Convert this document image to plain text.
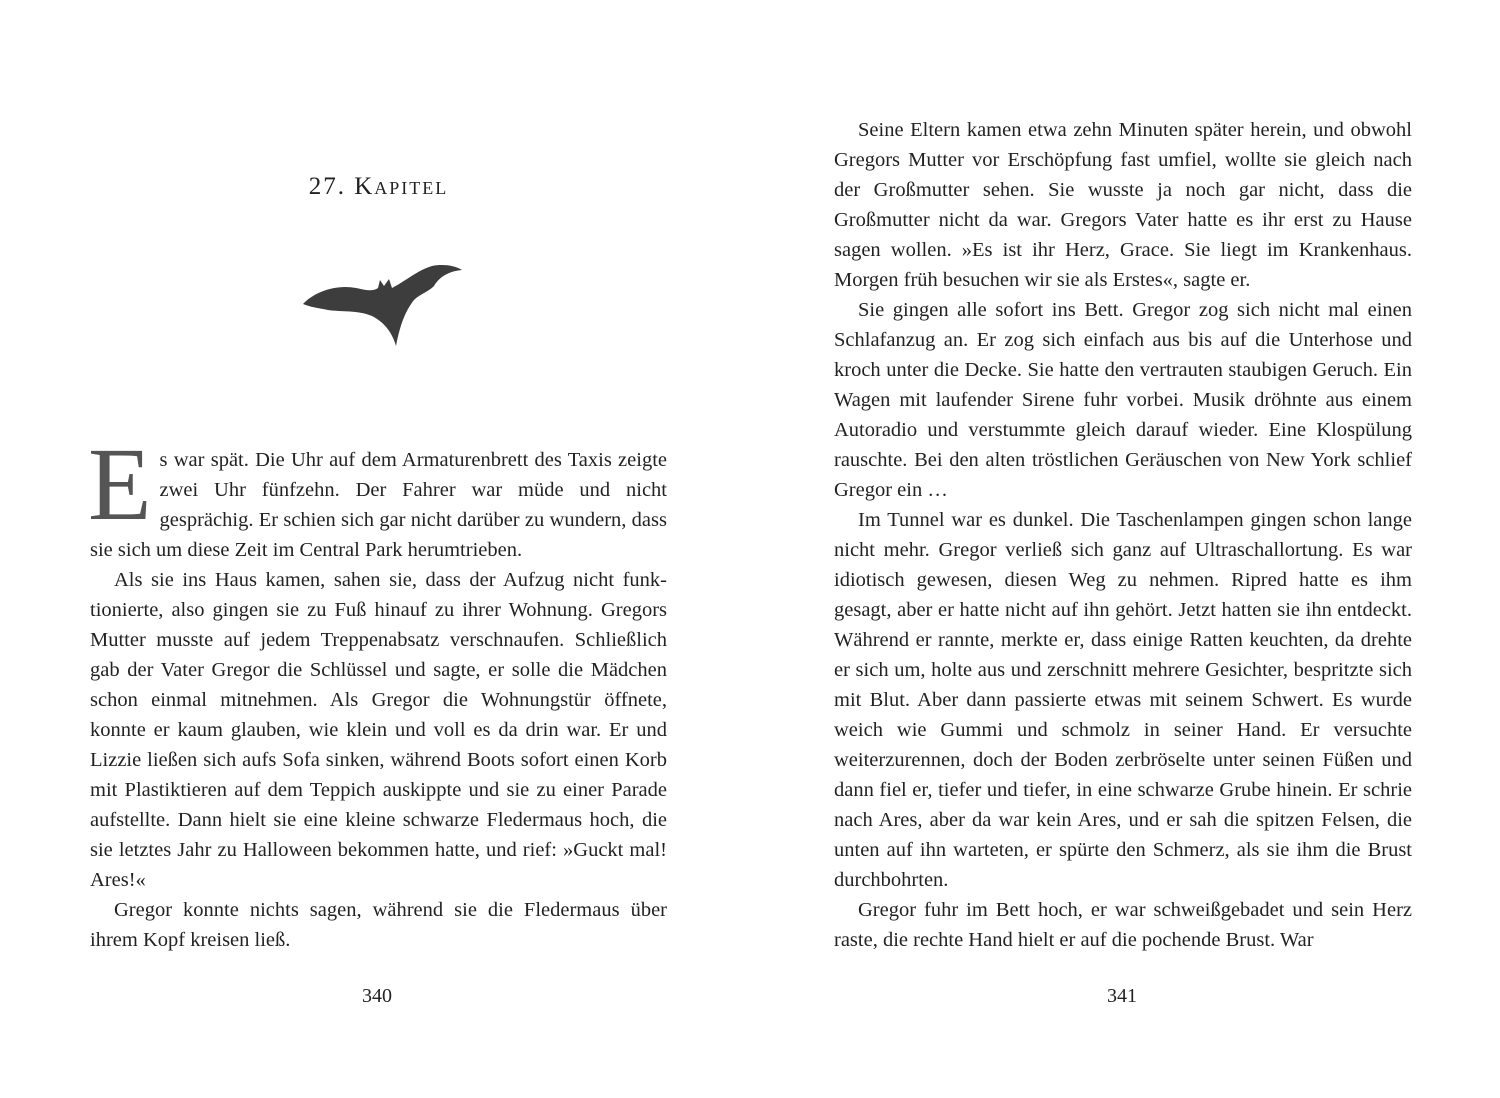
27. Kapitel

Es war spät. Die Uhr auf dem Armaturenbrett des Taxis zeigte zwei Uhr fünfzehn. Der Fahrer war müde und nicht gesprächig. Er schien sich gar nicht darüber zu wundern, dass sie sich um diese Zeit im Central Park herumtrieben.

Als sie ins Haus kamen, sahen sie, dass der Aufzug nicht funktionierte, also gingen sie zu Fuß hinauf zu ihrer Wohnung. Gregors Mutter musste auf jedem Treppenabsatz verschnaufen. Schließlich gab der Vater Gregor die Schlüssel und sagte, er solle die Mädchen schon einmal mitnehmen. Als Gregor die Wohnungstür öffnete, konnte er kaum glauben, wie klein und voll es da drin war. Er und Lizzie ließen sich aufs Sofa sinken, während Boots sofort einen Korb mit Plastiktieren auf dem Teppich auskippte und sie zu einer Parade aufstellte. Dann hielt sie eine kleine schwarze Fledermaus hoch, die sie letztes Jahr zu Halloween bekommen hatte, und rief: »Guckt mal! Ares!«

Gregor konnte nichts sagen, während sie die Fledermaus über ihrem Kopf kreisen ließ.

340

Seine Eltern kamen etwa zehn Minuten später herein, und obwohl Gregors Mutter vor Erschöpfung fast umfiel, wollte sie gleich nach der Großmutter sehen. Sie wusste ja noch gar nicht, dass die Großmutter nicht da war. Gregors Vater hatte es ihr erst zu Hause sagen wollen. »Es ist ihr Herz, Grace. Sie liegt im Krankenhaus. Morgen früh besuchen wir sie als Erstes«, sagte er.

Sie gingen alle sofort ins Bett. Gregor zog sich nicht mal einen Schlafanzug an. Er zog sich einfach aus bis auf die Unterhose und kroch unter die Decke. Sie hatte den vertrauten staubigen Geruch. Ein Wagen mit laufender Sirene fuhr vorbei. Musik dröhnte aus einem Autoradio und verstummte gleich darauf wieder. Eine Klospülung rauschte. Bei den alten tröstlichen Geräuschen von New York schlief Gregor ein …

Im Tunnel war es dunkel. Die Taschenlampen gingen schon lange nicht mehr. Gregor verließ sich ganz auf Ultraschallortung. Es war idiotisch gewesen, diesen Weg zu nehmen. Ripred hatte es ihm gesagt, aber er hatte nicht auf ihn gehört. Jetzt hatten sie ihn entdeckt. Während er rannte, merkte er, dass einige Ratten keuchten, da drehte er sich um, holte aus und zerschnitt mehrere Gesichter, bespritzte sich mit Blut. Aber dann passierte etwas mit seinem Schwert. Es wurde weich wie Gummi und schmolz in seiner Hand. Er versuchte weiterzurennen, doch der Boden zerbröselte unter seinen Füßen und dann fiel er, tiefer und tiefer, in eine schwarze Grube hinein. Er schrie nach Ares, aber da war kein Ares, und er sah die spitzen Felsen, die unten auf ihn warteten, er spürte den Schmerz, als sie ihm die Brust durchbohrten.

Gregor fuhr im Bett hoch, er war schweißgebadet und sein Herz raste, die rechte Hand hielt er auf die pochende Brust. War

341
